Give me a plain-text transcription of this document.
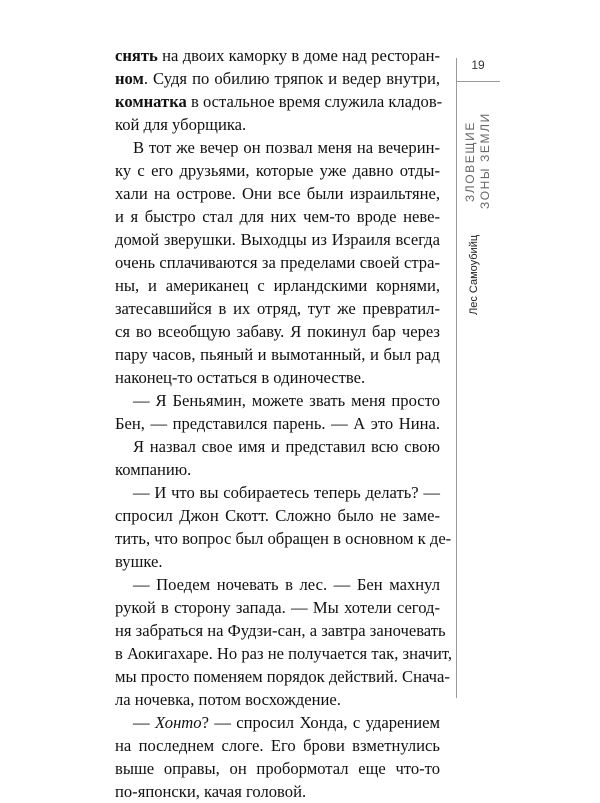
снять на двоих каморку в доме над ресторан-
ном. Судя по обилию тряпок и ведер внутри,
комнатка в остальное время служила кладов-
кой для уборщика.
В тот же вечер он позвал меня на вечерин-
ку с его друзьями, которые уже давно отды-
хали на острове. Они все были израильтяне,
и я быстро стал для них чем-то вроде неве-
домой зверушки. Выходцы из Израиля всегда
очень сплачиваются за пределами своей стра-
ны, и американец с ирландскими корнями,
затесавшийся в их отряд, тут же превратил-
ся во всеобщую забаву. Я покинул бар через
пару часов, пьяный и вымотанный, и был рад
наконец-то остаться в одиночестве.
— Я Беньямин, можете звать меня просто
Бен, — представился парень. — А это Нина.
Я назвал свое имя и представил всю свою
компанию.
— И что вы собираетесь теперь делать? —
спросил Джон Скотт. Сложно было не заме-
тить, что вопрос был обращен в основном к де-
вушке.
— Поедем ночевать в лес. — Бен махнул
рукой в сторону запада. — Мы хотели сегод-
ня забраться на Фудзи-сан, а завтра заночевать
в Аокигахаре. Но раз не получается так, значит,
мы просто поменяем порядок действий. Снача-
ла ночевка, потом восхождение.
— Хонто? — спросил Хонда, с ударением
на последнем слоге. Его брови взметнулись
выше оправы, он пробормотал еще что-то
по-японски, качая головой.
19
ЗЛОВЕЩИЕ ЗОНЫ ЗЕМЛИ
Лес Самоубийц
